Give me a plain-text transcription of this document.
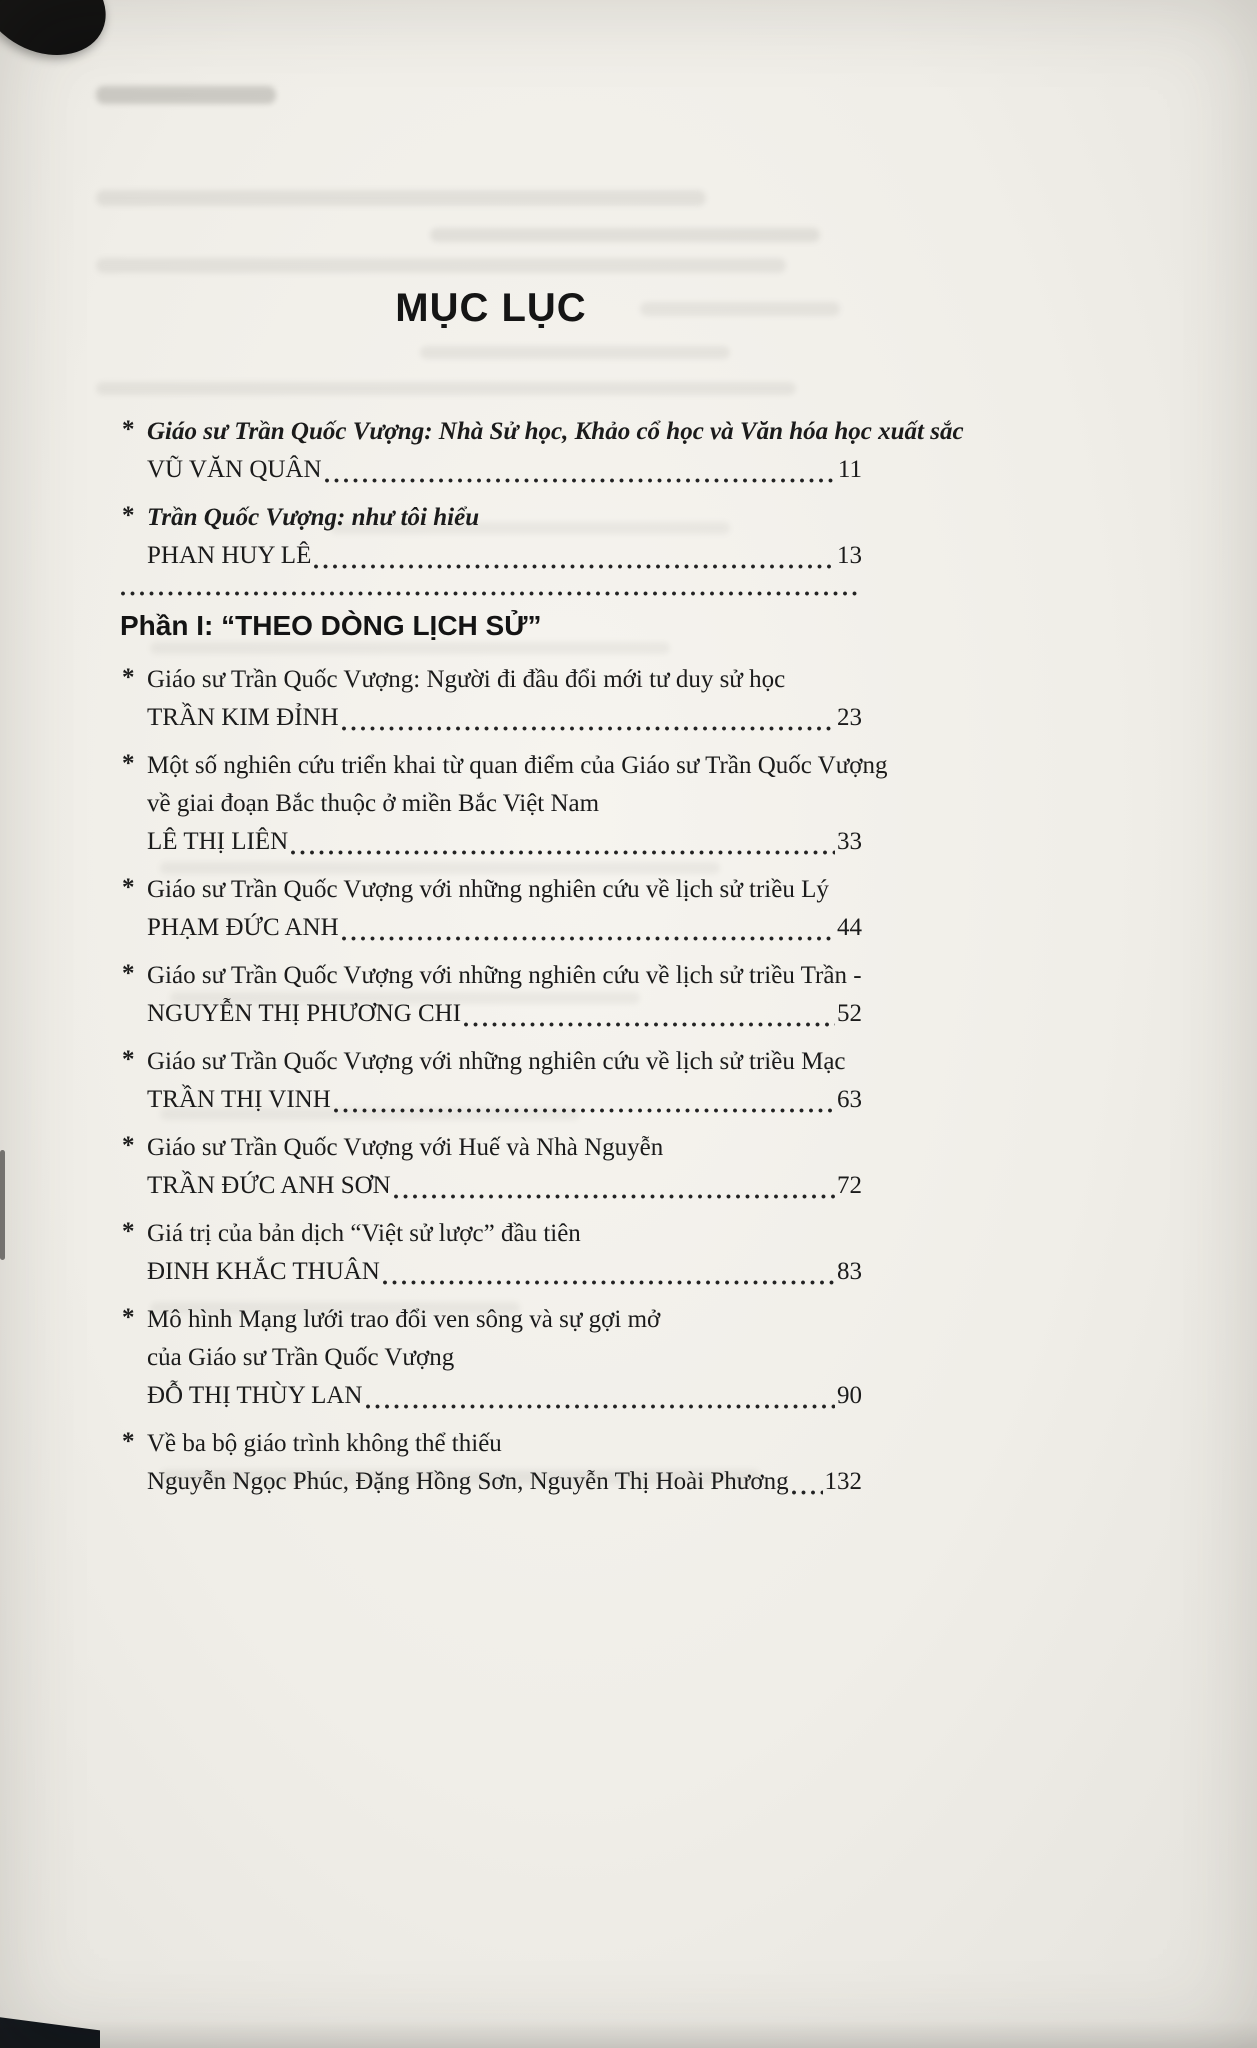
MỤC LỤC
* Giáo sư Trần Quốc Vượng: Nhà Sử học, Khảo cổ học và Văn hóa học xuất sắc
VŨ VĂN QUÂN	11
* Trần Quốc Vượng: như tôi hiểu
PHAN HUY LÊ	13
Phần I: “THEO DÒNG LỊCH SỬ”
* Giáo sư Trần Quốc Vượng: Người đi đầu đổi mới tư duy sử học
TRẦN KIM ĐỈNH	23
* Một số nghiên cứu triển khai từ quan điểm của Giáo sư Trần Quốc Vượng
về giai đoạn Bắc thuộc ở miền Bắc Việt Nam
LÊ THỊ LIÊN	33
* Giáo sư Trần Quốc Vượng với những nghiên cứu về lịch sử triều Lý
PHẠM ĐỨC ANH	44
* Giáo sư Trần Quốc Vượng với những nghiên cứu về lịch sử triều Trần -
NGUYỄN THỊ PHƯƠNG CHI	52
* Giáo sư Trần Quốc Vượng với những nghiên cứu về lịch sử triều Mạc
TRẦN THỊ VINH	63
* Giáo sư Trần Quốc Vượng với Huế và Nhà Nguyễn
TRẦN ĐỨC ANH SƠN	72
* Giá trị của bản dịch “Việt sử lược” đầu tiên
ĐINH KHẮC THUÂN	83
* Mô hình Mạng lưới trao đổi ven sông và sự gợi mở
của Giáo sư Trần Quốc Vượng
ĐỖ THỊ THÙY LAN	90
* Về ba bộ giáo trình không thể thiếu
Nguyễn Ngọc Phúc, Đặng Hồng Sơn, Nguyễn Thị Hoài Phương 132
